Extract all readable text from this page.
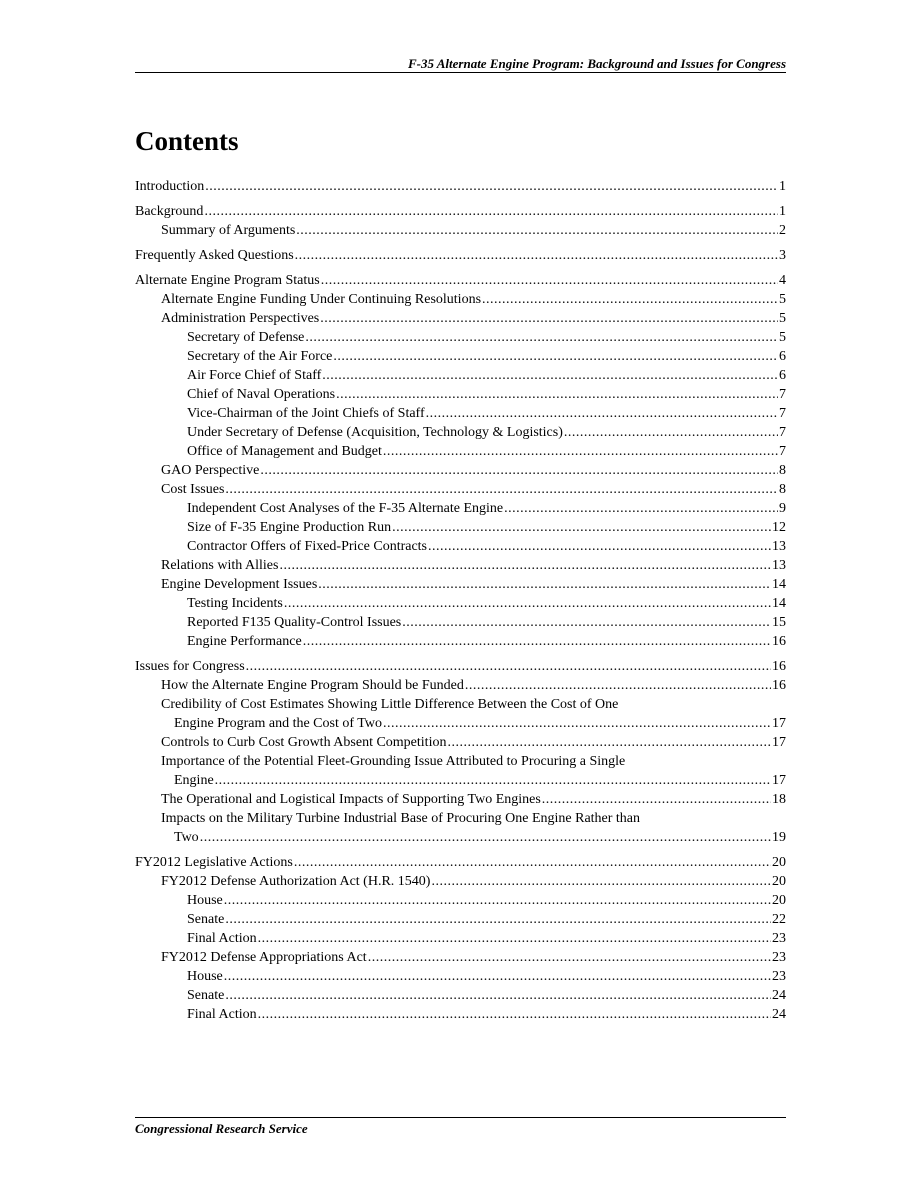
F-35 Alternate Engine Program: Background and Issues for Congress
Contents
Introduction .....	1
Background .....	1
Summary of Arguments .....	2
Frequently Asked Questions .....	3
Alternate Engine Program Status .....	4
Alternate Engine Funding Under Continuing Resolutions .....	5
Administration Perspectives .....	5
Secretary of Defense .....	5
Secretary of the Air Force .....	6
Air Force Chief of Staff .....	6
Chief of Naval Operations .....	7
Vice-Chairman of the Joint Chiefs of Staff .....	7
Under Secretary of Defense (Acquisition, Technology & Logistics) .....	7
Office of Management and Budget .....	7
GAO Perspective .....	8
Cost Issues .....	8
Independent Cost Analyses of the F-35 Alternate Engine .....	9
Size of F-35 Engine Production Run .....	12
Contractor Offers of Fixed-Price Contracts .....	13
Relations with Allies .....	13
Engine Development Issues .....	14
Testing Incidents .....	14
Reported F135 Quality-Control Issues .....	15
Engine Performance .....	16
Issues for Congress .....	16
How the Alternate Engine Program Should be Funded .....	16
Credibility of Cost Estimates Showing Little Difference Between the Cost of One
Engine Program and the Cost of Two .....	17
Controls to Curb Cost Growth Absent Competition .....	17
Importance of the Potential Fleet-Grounding Issue Attributed to Procuring a Single
Engine .....	17
The Operational and Logistical Impacts of Supporting Two Engines .....	18
Impacts on the Military Turbine Industrial Base of Procuring One Engine Rather than
Two .....	19
FY2012 Legislative Actions .....	20
FY2012 Defense Authorization Act (H.R. 1540) .....	20
House .....	20
Senate .....	22
Final Action .....	23
FY2012 Defense Appropriations Act .....	23
House .....	23
Senate .....	24
Final Action .....	24
Congressional Research Service
